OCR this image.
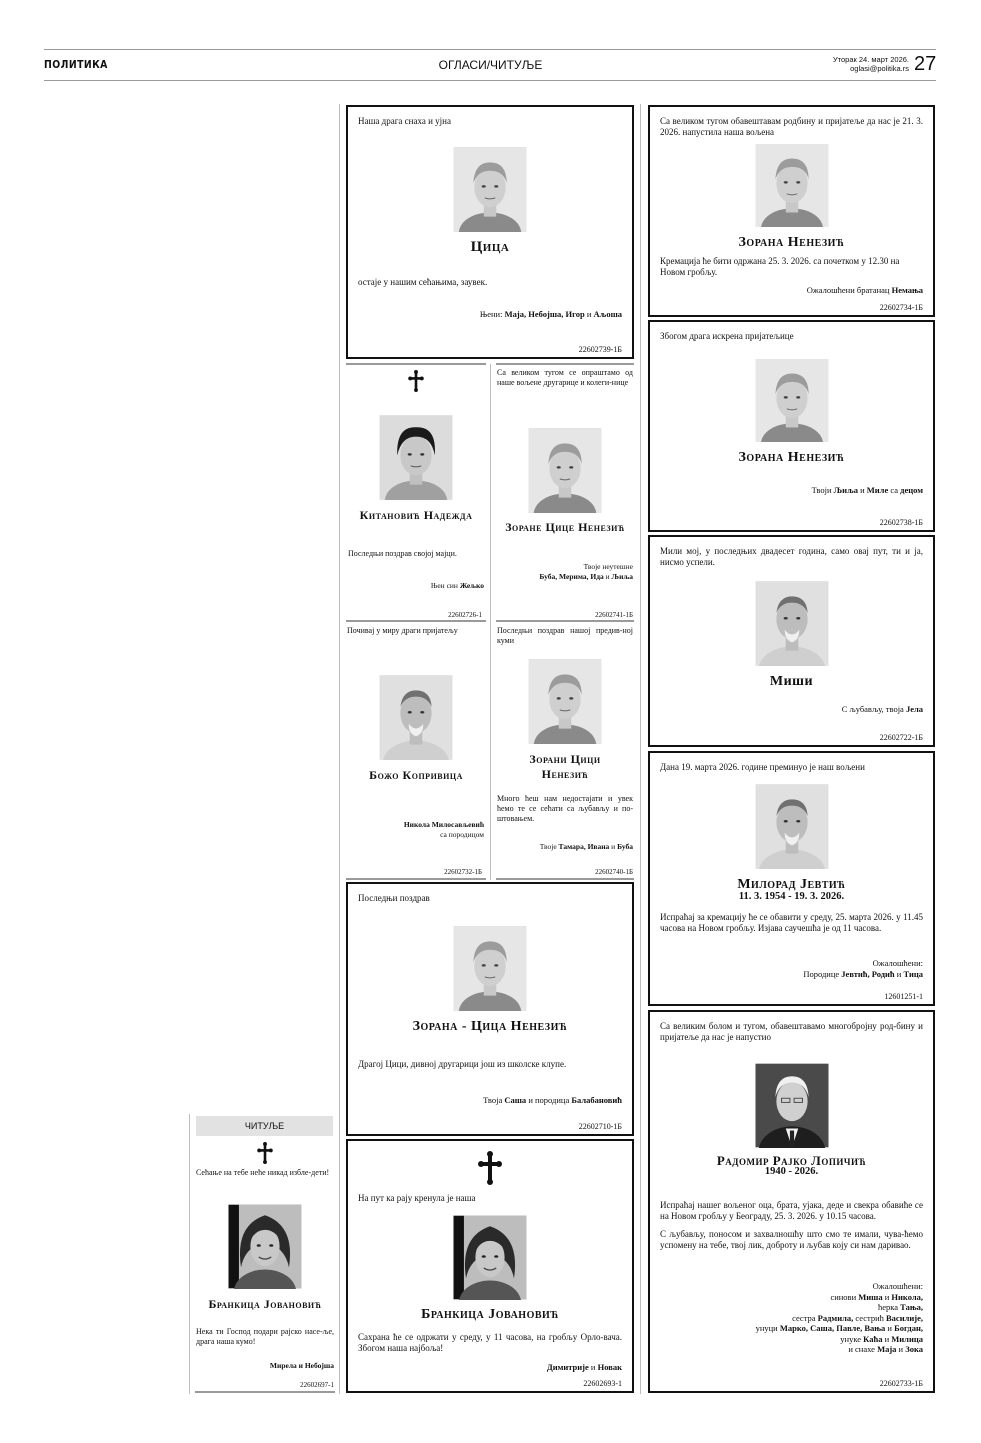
ПОЛИТИКА	ОГЛАСИ/ЧИТУЉЕ	Уторак 24. март 2026.
oglasi@politika.rs 27
Наша драга снаха и ујна
Цица
остаје у нашим сећањима, заувек.
Њени: Маја, Небојша, Игор и Аљоша
22602739-1Б
Китановић Надежда
Последњи поздрав својој мајци.
Њен син Жељко
22602726-1
Са великом тугом се опраштамо од наше вољене другарице и колеги-нице
Зоране Цице Ненезић
Твоје неутешне
Буба, Мерима, Ида и Љиља
22602741-1Б
Почивај у миру драги пријатељу
Божо Копривица
Никола Милосављевић
са породицом
22602732-1Б
Последњи поздрав нашој предив-ној куми
Зорани Цици
Ненезић
Много ћеш нам недостајати и увек ћемо те се сећати са љубављу и по-штовањем.
Твоје Тамара, Ивана и Буба
22602740-1Б
Последњи поздрав
Зорана - Цица Ненезић
Драгој Цици, дивној другарици још из школске клупе.
Твоја Саша и породица Балабановић
22602710-1Б
На пут ка рају кренула је наша
Бранкица Јовановић
Сахрана ће се одржати у среду, у 11 часова, на гробљу Орло-вача. Збогом наша најбоља!
Димитрије и Новак
22602693-1
Са великом тугом обавештавам родбину и пријатеље да нас је 21. 3. 2026. напустила наша вољена
Зорана Ненезић
Кремација ће бити одржана 25. 3. 2026. са почетком у 12.30 на Новом гробљу.
Ожалошћени братанац Немања
22602734-1Б
Збогом драга искрена пријатељице
Зорана Ненезић
Твоји Љиља и Миле са децом
22602738-1Б
Мили мој, у последњих двадесет година, само овај пут, ти и ја, нисмо успели.
Миши
С љубављу, твоја Јела
22602722-1Б
Дана 19. марта 2026. године преминуо је наш вољени
Милорад Јевтић
11. 3. 1954 - 19. 3. 2026.
Испраћај за кремацију ће се обавити у среду, 25. марта 2026. у 11.45 часова на Новом гробљу. Изјава саучешћа је од 11 часова.
Ожалошћени:
Породице Јевтић, Родић и Тица
12601251-1
Са великим болом и тугом, обавештавамо многобројну род-бину и пријатеље да нас је напустио
Радомир Рајко Лопичић
1940 - 2026.
Испраћај нашег вољеног оца, брата, ујака, деде и свекра обавиће се на Новом гробљу у Београду, 25. 3. 2026. у 10.15 часова.
С љубављу, поносом и захвалношћу што смо те имали, чува-ћемо успомену на тебе, твој лик, доброту и љубав коју си нам даривао.
Ожалошћени:
синови Миша и Никола,
ћерка Тања,
сестра Радмила, сестрић Василије,
унуци Марко, Саша, Павле, Вања и Богдан,
унуке Каћа и Милица
и снахе Маја и Зока
22602733-1Б
ЧИТУЉЕ
Сећање на тебе неће никад избле-дети!
Бранкица Јовановић
Нека ти Господ подари рајско насе-ље, драга наша кумо!
Мирела и Небојша
22602697-1
